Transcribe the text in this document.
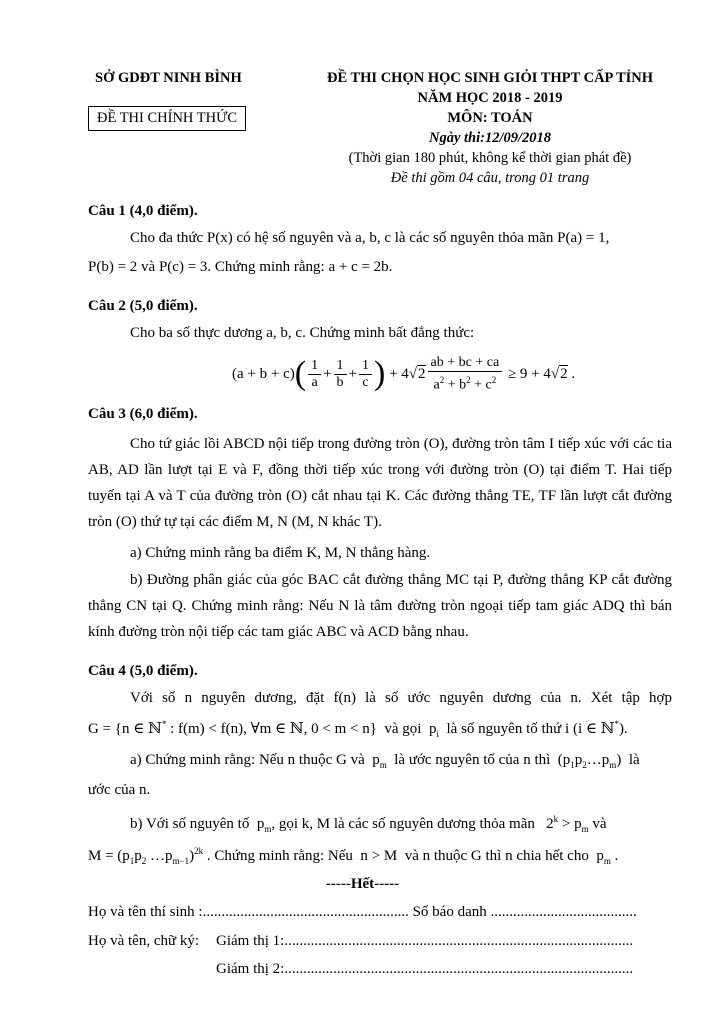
SỞ GDĐT NINH BÌNH
ĐỀ THI CHÍNH THỨC
ĐỀ THI CHỌN HỌC SINH GIỎI THPT CẤP TỈNH
NĂM HỌC 2018 - 2019
MÔN: TOÁN
Ngày thi:12/09/2018
(Thời gian 180 phút, không kể thời gian phát đề)
Đề thi gồm 04 câu, trong 01 trang
Câu 1 (4,0 điểm).
Cho đa thức P(x) có hệ số nguyên và a, b, c là các số nguyên thỏa mãn P(a) = 1,
P(b) = 2 và P(c) = 3. Chứng minh rằng: a + c = 2b.
Câu 2 (5,0 điểm).
Cho ba số thực dương a, b, c. Chứng minh bất đẳng thức:
(a + b + c) ( $\frac{1}{a} + \frac{1}{b} + \frac{1}{c}$ ) + $4√2 \frac{ab + bc + ca}{a^2 + b^2 + c^2} \ge 9 + 4√2$ .
Câu 3 (6,0 điểm).
Cho tứ giác lồi ABCD nội tiếp trong đường tròn (O), đường tròn tâm I tiếp xúc với các tia AB, AD lần lượt tại E và F, đồng thời tiếp xúc trong với đường tròn (O) tại điểm T. Hai tiếp tuyến tại A và T của đường tròn (O) cắt nhau tại K. Các đường thẳng TE, TF lần lượt cắt đường tròn (O) thứ tự tại các điểm M, N (M, N khác T).
a) Chứng minh rằng ba điểm K, M, N thẳng hàng.
b) Đường phân giác của góc BAC cắt đường thẳng MC tại P, đường thẳng KP cắt đường thẳng CN tại Q. Chứng minh rằng: Nếu N là tâm đường tròn ngoại tiếp tam giác ADQ thì bán kính đường tròn nội tiếp các tam giác ABC và ACD bằng nhau.
Câu 4 (5,0 điểm).
Với số n nguyên dương, đặt f(n) là số ước nguyên dương của n. Xét tập hợp
G = {n ∈ ℕ* : f(m) < f(n), ∀m ∈ ℕ, 0 < m < n}  và gọi  $p_i$  là số nguyên tố thứ i (i ∈ ℕ*).
a) Chứng minh rằng: Nếu n thuộc G và  $p_m$ là ước nguyên tố của n thì  $(p_1p_2\dots p_m)$  là
ước của n.
b) Với số nguyên tố  $p_m$, gọi k, M là các số nguyên dương thỏa mãn   $2^k > p_m$ và
$M = (p_1p_2$ $\dots p_{m-1})^{2k}$ . Chứng minh rằng: Nếu  n > M  và n thuộc G thì n chia hết cho  $p_m$ .
-----Hết-----
Họ và tên thí sinh :....................................................... Số báo danh .......................................
Họ và tên, chữ ký: Giám thị 1:.............................................................................................
Giám thị 2:.............................................................................................
